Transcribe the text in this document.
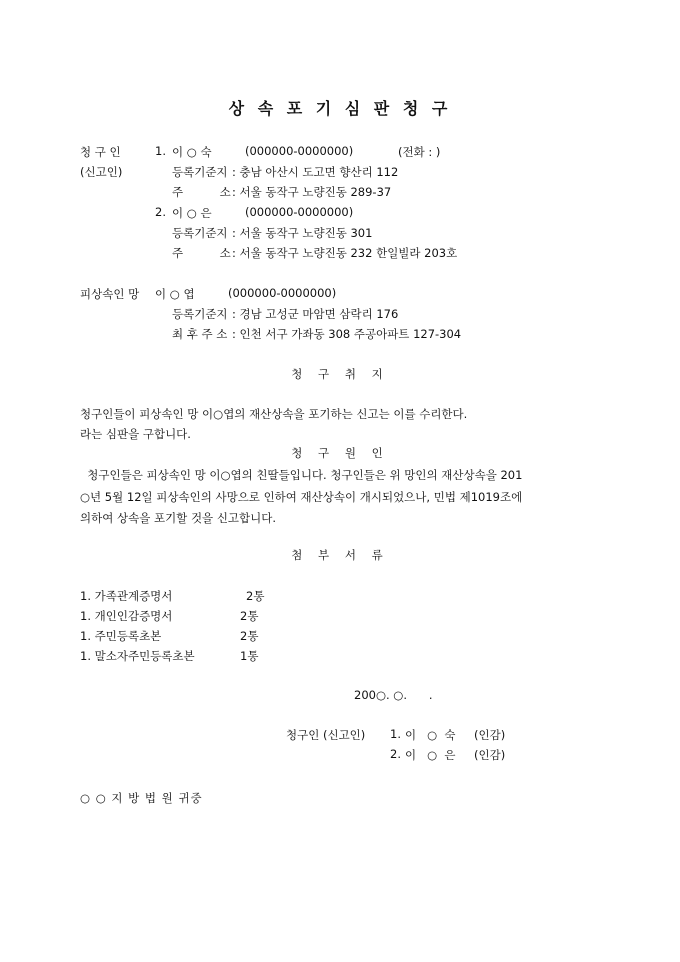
상 속 포 기 심 판 청 구
청 구 인
(신고인)
1. 이 ○ 숙	(000000-0000000)	(전화 : )
등록기준지 : 충남 아산시 도고면 향산리 112
주          소 : 서울 동작구 노량진동 289-37
2. 이 ○ 은	(000000-0000000)
등록기준지 : 서울 동작구 노량진동 301
주          소 : 서울 동작구 노량진동 232 한일빌라 203호
피상속인 망 이 ○ 엽	(000000-0000000)
등록기준지 : 경남 고성군 마암면 삼락리 176
최 후 주 소 : 인천 서구 가좌동 308 주공아파트 127-304
청 구 취 지
청구인들이 피상속인 망 이○엽의 재산상속을 포기하는 신고는 이를 수리한다.
라는 심판을 구합니다.
청 구 원 인
청구인들은 피상속인 망 이○엽의 친딸들입니다. 청구인들은 위 망인의 재산상속을 201
○년 5월 12일 피상속인의 사망으로 인하여 재산상속이 개시되었으나, 민법 제1019조에
의하여 상속을 포기할 것을 신고합니다.
첨 부 서 류
1. 가족관계증명서	2통
1. 개인인감증명서	2통
1. 주민등록초본	2통
1. 말소자주민등록초본	1통
200○. ○.      .
청구인 (신고인) 1. 이   ○  숙 (인감)
2. 이   ○  은 (인감)
○ ○ 지 방 법 원 귀중
